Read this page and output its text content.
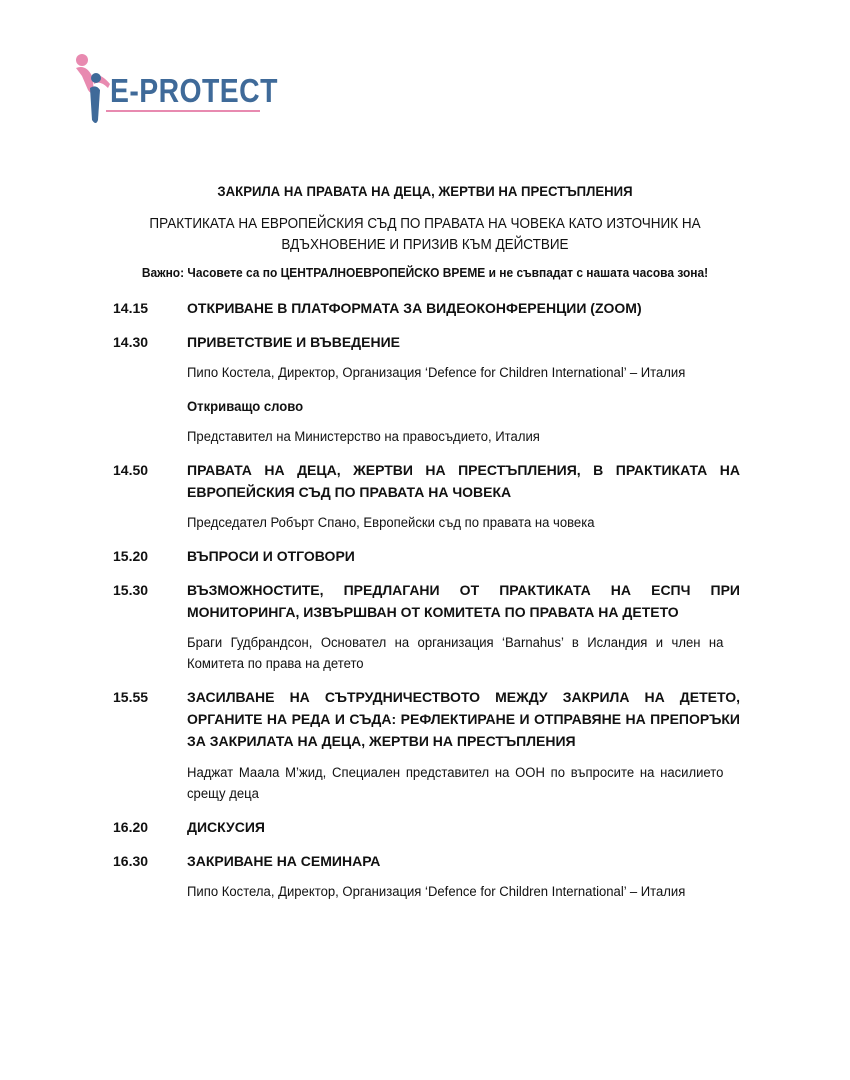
E-PROTECT
ЗАКРИЛА НА ПРАВАТА НА ДЕЦА, ЖЕРТВИ НА ПРЕСТЪПЛЕНИЯ
ПРАКТИКАТА НА ЕВРОПЕЙСКИЯ СЪД ПО ПРАВАТА НА ЧОВЕКА КАТО ИЗТОЧНИК НА ВДЪХНОВЕНИЕ И ПРИЗИВ КЪМ ДЕЙСТВИЕ
Важно: Часовете са по ЦЕНТРАЛНОЕВРОПЕЙСКО ВРЕМЕ и не съвпадат с нашата часова зона!
14.15	ОТКРИВАНЕ В ПЛАТФОРМАТА ЗА ВИДЕОКОНФЕРЕНЦИИ (ZOOM)
14.30	ПРИВЕТСТВИЕ И ВЪВЕДЕНИЕ
Пипо Костела, Директор, Организация ‘Defence for Children International’ – Италия
Откриващо слово
Представител на Министерство на правосъдието, Италия
14.50	ПРАВАТА НА ДЕЦА, ЖЕРТВИ НА ПРЕСТЪПЛЕНИЯ, В ПРАКТИКАТА НА ЕВРОПЕЙСКИЯ СЪД ПО ПРАВАТА НА ЧОВЕКА
Председател Робърт Спано, Европейски съд по правата на човека
15.20	ВЪПРОСИ И ОТГОВОРИ
15.30	ВЪЗМОЖНОСТИТЕ, ПРЕДЛАГАНИ ОТ ПРАКТИКАТА НА ЕСПЧ ПРИ МОНИТОРИНГА, ИЗВЪРШВАН ОТ КОМИТЕТА ПО ПРАВАТА НА ДЕТЕТО
Браги Гудбрандсон, Основател на организация ‘Barnahus’ в Исландия и член на Комитета по права на детето
15.55	ЗАСИЛВАНЕ НА СЪТРУДНИЧЕСТВОТО МЕЖДУ ЗАКРИЛА НА ДЕТЕТО, ОРГАНИТЕ НА РЕДА И СЪДА: РЕФЛЕКТИРАНЕ И ОТПРАВЯНЕ НА ПРЕПОРЪКИ ЗА ЗАКРИЛАТА НА ДЕЦА, ЖЕРТВИ НА ПРЕСТЪПЛЕНИЯ
Наджат Маала М’жид, Специален представител на ООН по въпросите на насилието срещу деца
16.20	ДИСКУСИЯ
16.30	ЗАКРИВАНЕ НА СЕМИНАРА
Пипо Костела, Директор, Организация ‘Defence for Children International’ – Италия
